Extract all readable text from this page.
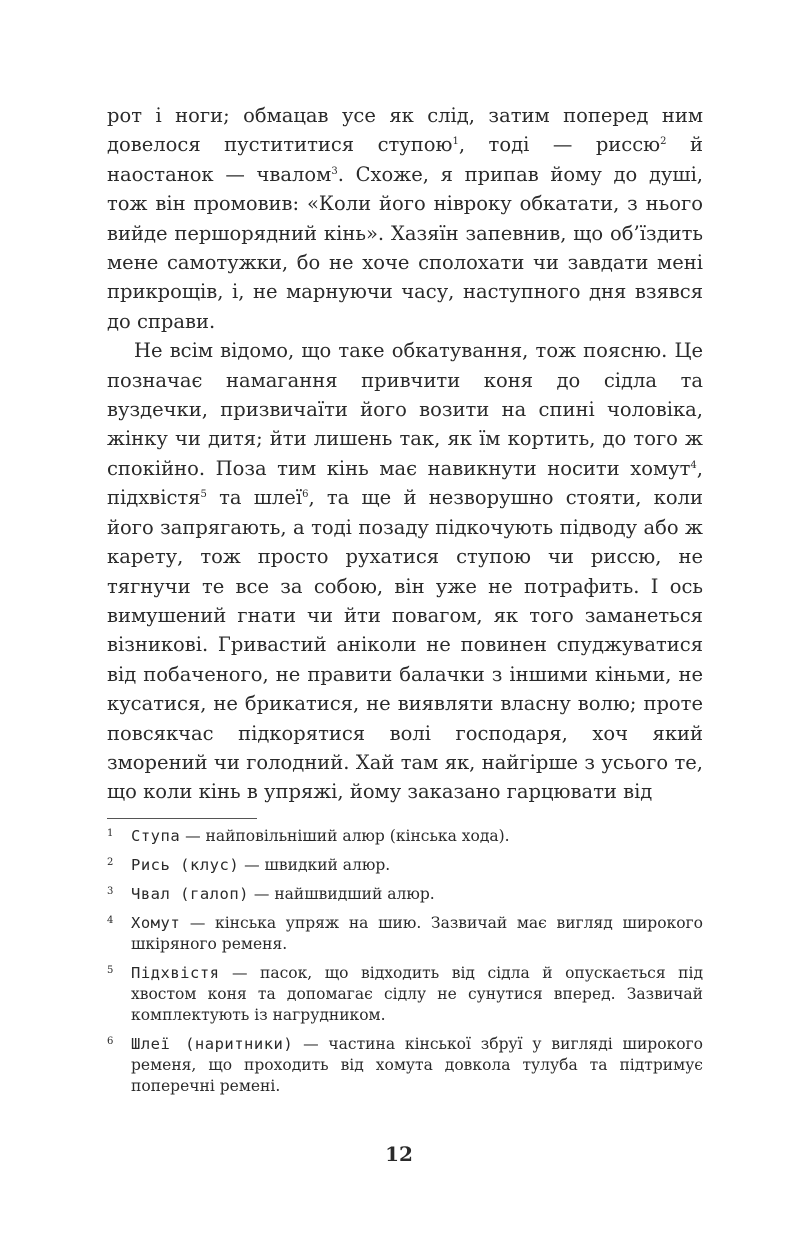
рот і ноги; обмацав усе як слід, затим поперед ним довелося пустититися ступою$^1$, тоді — риссю$^2$ й наостанок — чвалом$^3$. Схоже, я припав йому до душі, тож він промовив: «Коли його нівроку обкатати, з нього вийде першорядний кінь». Хазяїн запевнив, що об’їздить мене самотужки, бо не хоче сполохати чи завдати мені прикрощів, і, не марнуючи часу, наступного дня взявся до справи.

Не всім відомо, що таке обкатування, тож поясню. Це позначає намагання привчити коня до сідла та вуздечки, призвичаїти його возити на спині чоловіка, жінку чи дитя; йти лишень так, як їм кортить, до того ж спокійно. Поза тим кінь має навикнути носити хомут$^4$, підхвістя$^5$ та шлеї$^6$, та ще й незворушно стояти, коли його запрягають, а тоді позаду підкочують підводу або ж карету, тож просто рухатися ступою чи риссю, не тягнучи те все за собою, він уже не потрафить. І ось вимушений гнати чи йти повагом, як того заманеться візникові. Гривастий аніколи не повинен спуджуватися від побаченого, не правити балачки з іншими кіньми, не кусатися, не брикатися, не виявляти власну волю; проте повсякчас підкорятися волі господаря, хоч який зморений чи голодний. Хай там як, найгірше з усього те, що коли кінь в упряжі, йому заказано гарцювати від

1 Ступа — найповільніший алюр (кінська хода).
2 Рись (клус) — швидкий алюр.
3 Чвал (галоп) — найшвидший алюр.
4 Хомут — кінська упряж на шию. Зазвичай має вигляд широкого шкіряного ременя.
5 Підхвістя — пасок, що відходить від сідла й опускається під хвостом коня та допомагає сідлу не сунутися вперед. Зазвичай комплектують із нагрудником.
6 Шлеї (наритники) — частина кінської збруї у вигляді широкого ременя, що проходить від хомута довкола тулуба та підтримує поперечні ремені.
12
